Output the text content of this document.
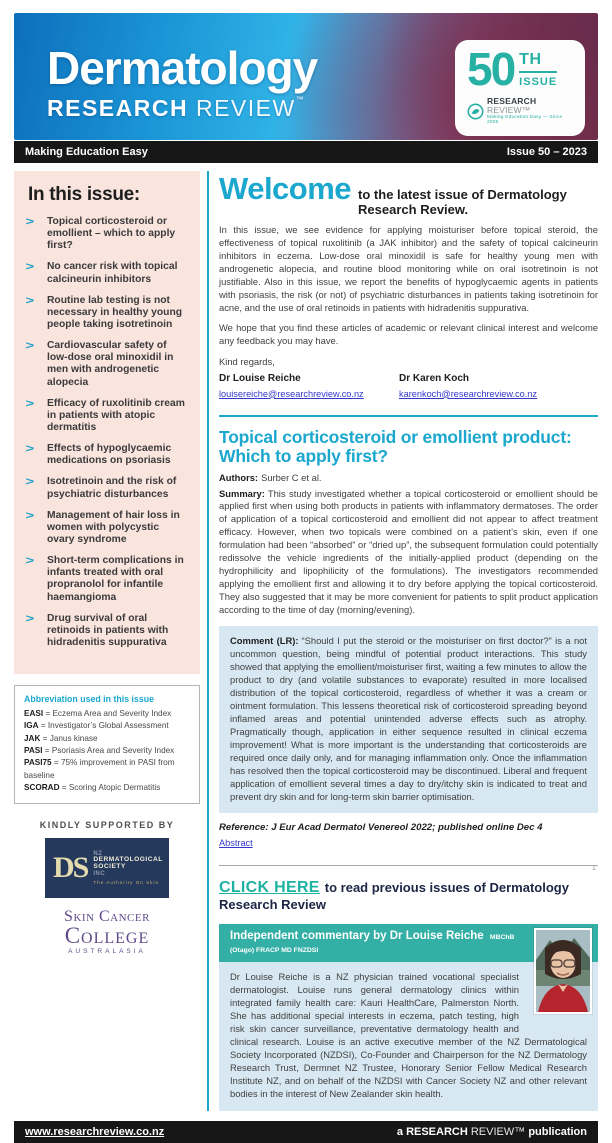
Dermatology
RESEARCH REVIEW™
50 TH
ISSUE
RESEARCH REVIEW™
Making Education Easy — Since 2006
Making Education Easy	Issue 50 – 2023
In this issue:
>	Topical corticosteroid or emollient – which to apply first?
>	No cancer risk with topical calcineurin inhibitors
>	Routine lab testing is not necessary in healthy young people taking isotretinoin
>	Cardiovascular safety of low-dose oral minoxidil in men with androgenetic alopecia
>	Efficacy of ruxolitinib cream in patients with atopic dermatitis
>	Effects of hypoglycaemic medications on psoriasis
>	Isotretinoin and the risk of psychiatric disturbances
>	Management of hair loss in women with polycystic ovary syndrome
>	Short-term complications in infants treated with oral propranolol for infantile haemangioma
>	Drug survival of oral retinoids in patients with hidradenitis suppurativa
Abbreviation used in this issue
EASI = Eczema Area and Severity Index
IGA = Investigator’s Global Assessment
JAK = Janus kinase
PASI = Psoriasis Area and Severity Index
PASI75 = 75% improvement in PASI from baseline
SCORAD = Scoring Atopic Dermatitis
KINDLY SUPPORTED BY
DS NZ
DERMATOLOGICAL
SOCIETY
INC
The Authority On Skin
Skin Cancer
College
AUSTRALASIA
Welcome to the latest issue of Dermatology Research Review.

In this issue, we see evidence for applying moisturiser before topical steroid, the effectiveness of topical ruxolitinib (a JAK inhibitor) and the safety of topical calcineurin inhibitors in eczema. Low-dose oral minoxidil is safe for healthy young men with androgenetic alopecia, and routine blood monitoring while on oral isotretinoin is not justifiable. Also in this issue, we report the benefits of hypoglycaemic agents in patients with psoriasis, the risk (or not) of psychiatric disturbances in patients taking isotretinoin for acne, and the use of oral retinoids in patients with hidradenitis suppurativa.

We hope that you find these articles of academic or relevant clinical interest and welcome any feedback you may have.

Kind regards,
Dr Louise Reiche
louisereiche@researchreview.co.nz
Dr Karen Koch
karenkoch@researchreview.co.nz
Topical corticosteroid or emollient product:
Which to apply first?
Authors: Surber C et al.

Summary: This study investigated whether a topical corticosteroid or emollient should be applied first when using both products in patients with inflammatory dermatoses. The order of application of a topical corticosteroid and emollient did not appear to affect treatment efficacy. However, when two topicals were combined on a patient’s skin, even if one formulation had been “absorbed” or “dried up”, the subsequent formulation could potentially redissolve the vehicle ingredients of the initially-applied product (depending on the hydrophilicity and lipophilicity of the formulations). The investigators recommended applying the emollient first and allowing it to dry before applying the topical corticosteroid. They also suggested that it may be more convenient for patients to split product application according to the time of day (morning/evening).

Comment (LR): “Should I put the steroid or the moisturiser on first doctor?” is a not uncommon question, being mindful of potential product interactions. This study showed that applying the emollient/moisturiser first, waiting a few minutes to allow the product to dry (and volatile substances to evaporate) resulted in more localised distribution of the topical corticosteroid, regardless of whether it was a cream or ointment formulation. This lessens theoretical risk of corticosteroid spreading beyond inflamed areas and potential unintended adverse effects such as atrophy. Pragmatically though, application in either sequence resulted in clinical eczema improvement! What is more important is the understanding that corticosteroids are required once daily only, and for managing inflammation only. Once the inflammation has resolved then the topical corticosteroid may be discontinued. Liberal and frequent application of emollient several times a day to dry/itchy skin is indicated to treat and prevent dry skin and for long-term skin barrier optimisation.
Reference: J Eur Acad Dermatol Venereol 2022; published online Dec 4
Abstract
CLICK HERE to read previous issues of Dermatology Research Review
Independent commentary by Dr Louise Reiche MBChB (Otago) FRACP MD FNZDSI
Dr Louise Reiche is a NZ physician trained vocational specialist dermatologist. Louise runs general dermatology clinics within integrated family health care: Kauri HealthCare, Palmerston North. She has additional special interests in eczema, patch testing, high risk skin cancer surveillance, preventative dermatology health and clinical research. Louise is an active executive member of the NZ Dermatological Society Incorporated (NZDSI), Co-Founder and Chairperson for the NZ Dermatology Research Trust, Dermnet NZ Trustee, Honorary Senior Fellow Medical Research Institute NZ, and on behalf of the NZDSI with Cancer Society NZ and other relevant bodies in the interest of New Zealander skin health.
www.researchreview.co.nz	a RESEARCH REVIEW™ publication
1
